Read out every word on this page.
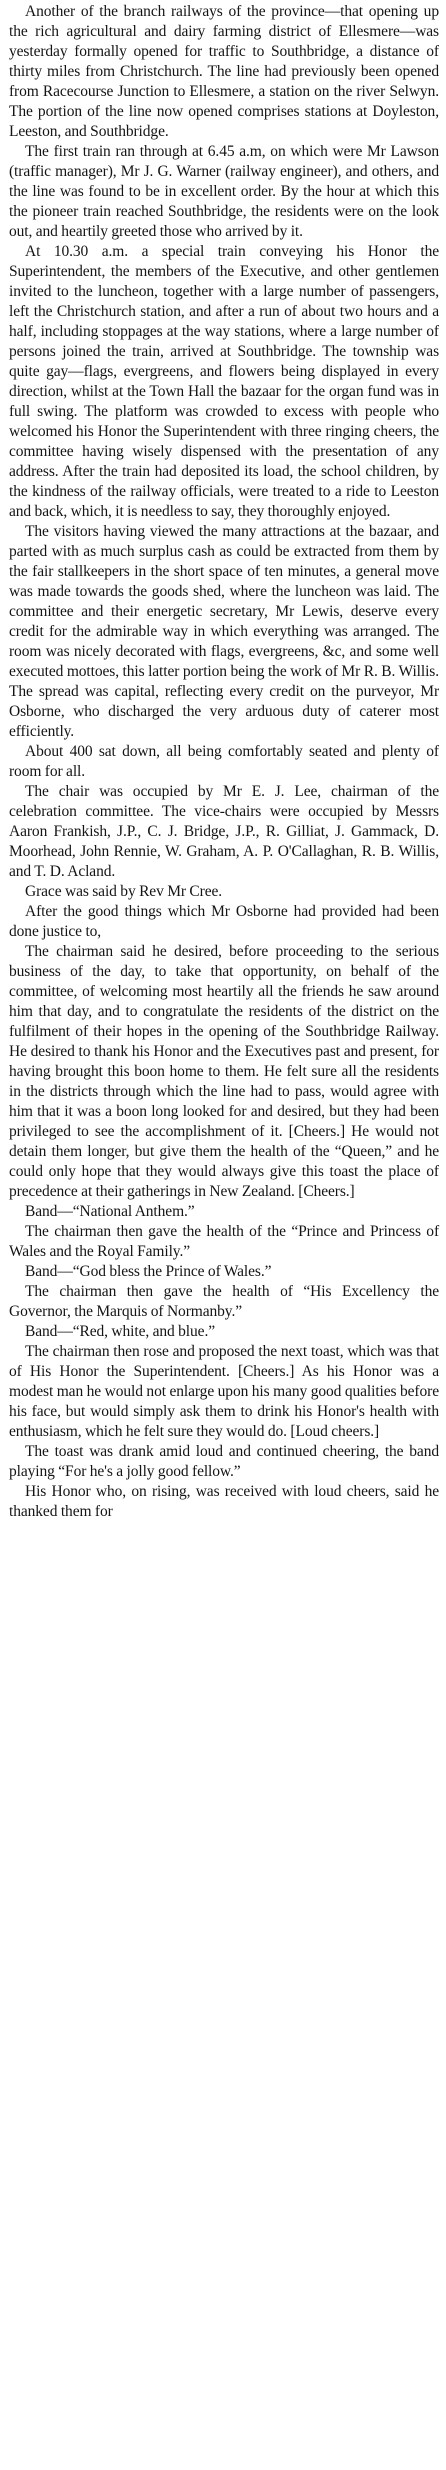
Another of the branch railways of the province—that opening up the rich agricultural and dairy farming district of Ellesmere—was yesterday formally opened for traffic to Southbridge, a distance of thirty miles from Christchurch. The line had previously been opened from Racecourse Junction to Ellesmere, a station on the river Selwyn. The portion of the line now opened comprises stations at Doyleston, Leeston, and Southbridge.

The first train ran through at 6.45 a.m, on which were Mr Lawson (traffic manager), Mr J. G. Warner (railway engineer), and others, and the line was found to be in excellent order. By the hour at which this the pioneer train reached Southbridge, the residents were on the look out, and heartily greeted those who arrived by it.

At 10.30 a.m. a special train conveying his Honor the Superintendent, the members of the Executive, and other gentlemen invited to the luncheon, together with a large number of passengers, left the Christchurch station, and after a run of about two hours and a half, including stoppages at the way stations, where a large number of persons joined the train, arrived at Southbridge. The township was quite gay—flags, evergreens, and flowers being displayed in every direction, whilst at the Town Hall the bazaar for the organ fund was in full swing. The platform was crowded to excess with people who welcomed his Honor the Superintendent with three ringing cheers, the committee having wisely dispensed with the presentation of any address. After the train had deposited its load, the school children, by the kindness of the railway officials, were treated to a ride to Leeston and back, which, it is needless to say, they thoroughly enjoyed.

The visitors having viewed the many attractions at the bazaar, and parted with as much surplus cash as could be extracted from them by the fair stallkeepers in the short space of ten minutes, a general move was made towards the goods shed, where the luncheon was laid. The committee and their energetic secretary, Mr Lewis, deserve every credit for the admirable way in which everything was arranged. The room was nicely decorated with flags, evergreens, &c, and some well executed mottoes, this latter portion being the work of Mr R. B. Willis. The spread was capital, reflecting every credit on the purveyor, Mr Osborne, who discharged the very arduous duty of caterer most efficiently.

About 400 sat down, all being comfortably seated and plenty of room for all.

The chair was occupied by Mr E. J. Lee, chairman of the celebration committee. The vice-chairs were occupied by Messrs Aaron Frankish, J.P., C. J. Bridge, J.P., R. Gilliat, J. Gammack, D. Moorhead, John Rennie, W. Graham, A. P. O'Callaghan, R. B. Willis, and T. D. Acland.

Grace was said by Rev Mr Cree.

After the good things which Mr Osborne had provided had been done justice to,

The chairman said he desired, before proceeding to the serious business of the day, to take that opportunity, on behalf of the committee, of welcoming most heartily all the friends he saw around him that day, and to congratulate the residents of the district on the fulfilment of their hopes in the opening of the Southbridge Railway. He desired to thank his Honor and the Executives past and present, for having brought this boon home to them. He felt sure all the residents in the districts through which the line had to pass, would agree with him that it was a boon long looked for and desired, but they had been privileged to see the accomplishment of it. [Cheers.] He would not detain them longer, but give them the health of the “Queen,” and he could only hope that they would always give this toast the place of precedence at their gatherings in New Zealand. [Cheers.]

Band—“National Anthem.”

The chairman then gave the health of the “Prince and Princess of Wales and the Royal Family.”

Band—“God bless the Prince of Wales.”

The chairman then gave the health of “His Excellency the Governor, the Marquis of Normanby.”

Band—“Red, white, and blue.”

The chairman then rose and proposed the next toast, which was that of His Honor the Superintendent. [Cheers.] As his Honor was a modest man he would not enlarge upon his many good qualities before his face, but would simply ask them to drink his Honor's health with enthusiasm, which he felt sure they would do. [Loud cheers.]

The toast was drank amid loud and continued cheering, the band playing “For he's a jolly good fellow.”

His Honor who, on rising, was received with loud cheers, said he thanked them for
